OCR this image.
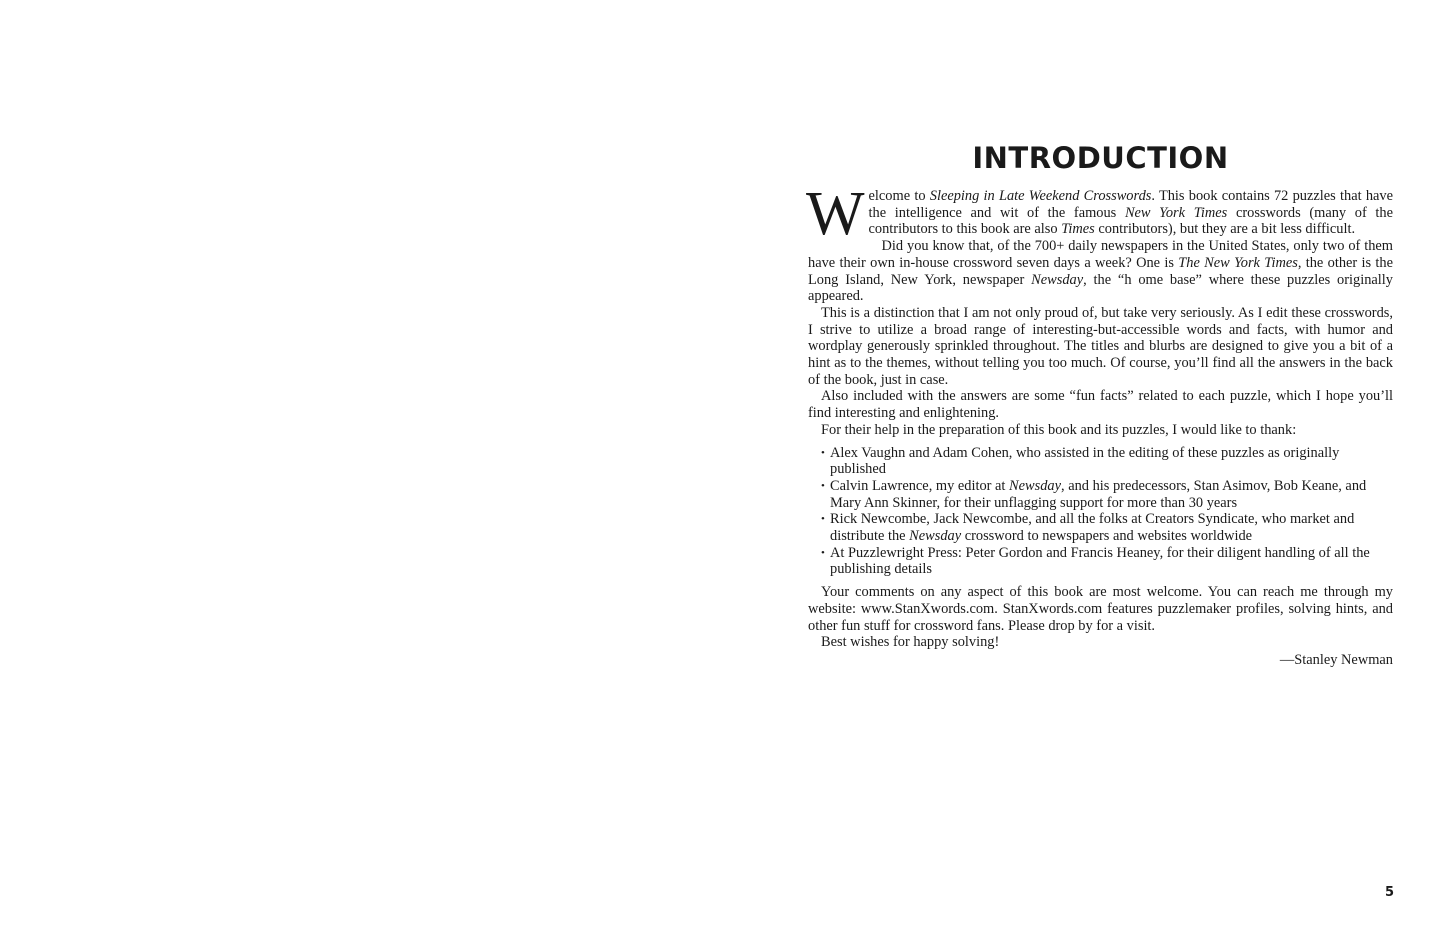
INTRODUCTION

Welcome to Sleeping in Late Weekend Crosswords. This book contains 72 puzzles that have the intelligence and wit of the famous New York Times crosswords (many of the contributors to this book are also Times contributors), but they are a bit less difficult.

Did you know that, of the 700+ daily newspapers in the United States, only two of them have their own in-house crossword seven days a week? One is The New York Times, the other is the Long Island, New York, newspaper Newsday, the “h ome base” where these puzzles originally appeared.

This is a distinction that I am not only proud of, but take very seriously. As I edit these crosswords, I strive to utilize a broad range of interesting-but-accessible words and facts, with humor and wordplay generously sprinkled throughout. The titles and blurbs are designed to give you a bit of a hint as to the themes, without telling you too much. Of course, you’ll find all the answers in the back of the book, just in case.

Also included with the answers are some “fun facts” related to each puzzle, which I hope you’ll find interesting and enlightening.

For their help in the preparation of this book and its puzzles, I would like to thank:

• Alex Vaughn and Adam Cohen, who assisted in the editing of these puzzles as originally published
• Calvin Lawrence, my editor at Newsday, and his predecessors, Stan Asimov, Bob Keane, and Mary Ann Skinner, for their unflagging support for more than 30 years
• Rick Newcombe, Jack Newcombe, and all the folks at Creators Syndicate, who market and distribute the Newsday crossword to newspapers and websites worldwide
• At Puzzlewright Press: Peter Gordon and Francis Heaney, for their diligent handling of all the publishing details

Your comments on any aspect of this book are most welcome. You can reach me through my website: www.StanXwords.com. StanXwords.com features puzzlemaker profiles, solving hints, and other fun stuff for crossword fans. Please drop by for a visit.

Best wishes for happy solving!

—Stanley Newman
5
